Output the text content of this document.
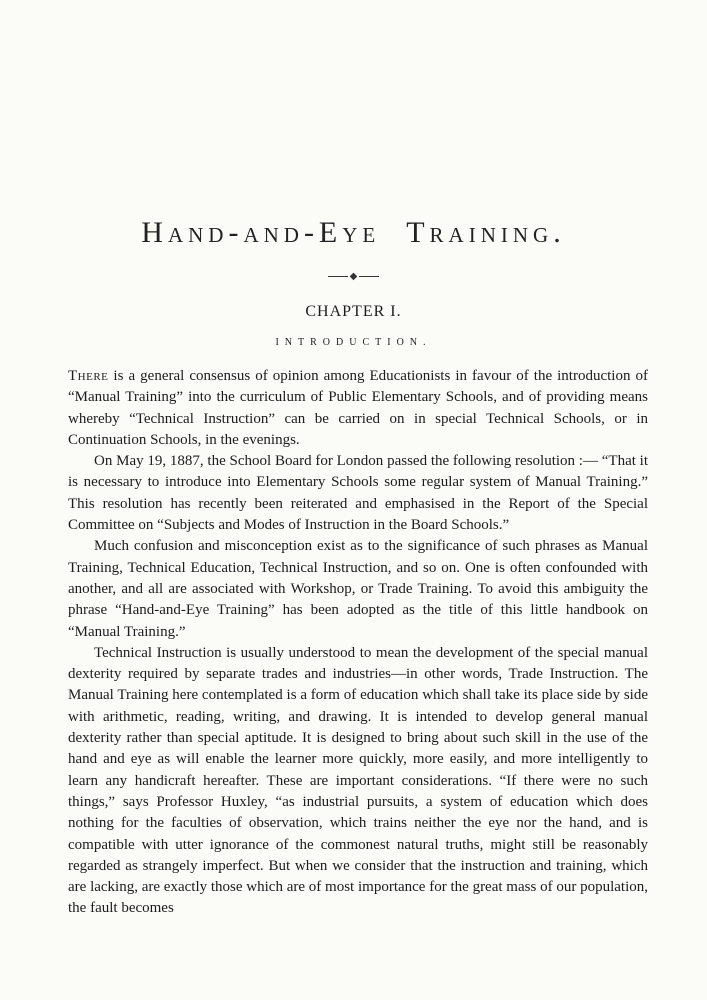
Hand-and-Eye Training.
◆
CHAPTER I.
INTRODUCTION.

There is a general consensus of opinion among Educationists in favour of the introduction of “Manual Training” into the curriculum of Public Elementary Schools, and of providing means whereby “Technical Instruction” can be carried on in special Technical Schools, or in Continuation Schools, in the evenings.

On May 19, 1887, the School Board for London passed the following resolution :— “That it is necessary to introduce into Elementary Schools some regular system of Manual Training.” This resolution has recently been reiterated and emphasised in the Report of the Special Committee on “Subjects and Modes of Instruction in the Board Schools.”

Much confusion and misconception exist as to the significance of such phrases as Manual Training, Technical Education, Technical Instruction, and so on. One is often confounded with another, and all are associated with Workshop, or Trade Training. To avoid this ambiguity the phrase “Hand-and-Eye Training” has been adopted as the title of this little handbook on “Manual Training.”

Technical Instruction is usually understood to mean the development of the special manual dexterity required by separate trades and industries—in other words, Trade Instruction. The Manual Training here contemplated is a form of education which shall take its place side by side with arithmetic, reading, writing, and drawing. It is intended to develop general manual dexterity rather than special aptitude. It is designed to bring about such skill in the use of the hand and eye as will enable the learner more quickly, more easily, and more intelligently to learn any handicraft hereafter. These are important considerations. “If there were no such things,” says Professor Huxley, “as industrial pursuits, a system of education which does nothing for the faculties of observation, which trains neither the eye nor the hand, and is compatible with utter ignorance of the commonest natural truths, might still be reasonably regarded as strangely imperfect. But when we consider that the instruction and training, which are lacking, are exactly those which are of most importance for the great mass of our population, the fault becomes
